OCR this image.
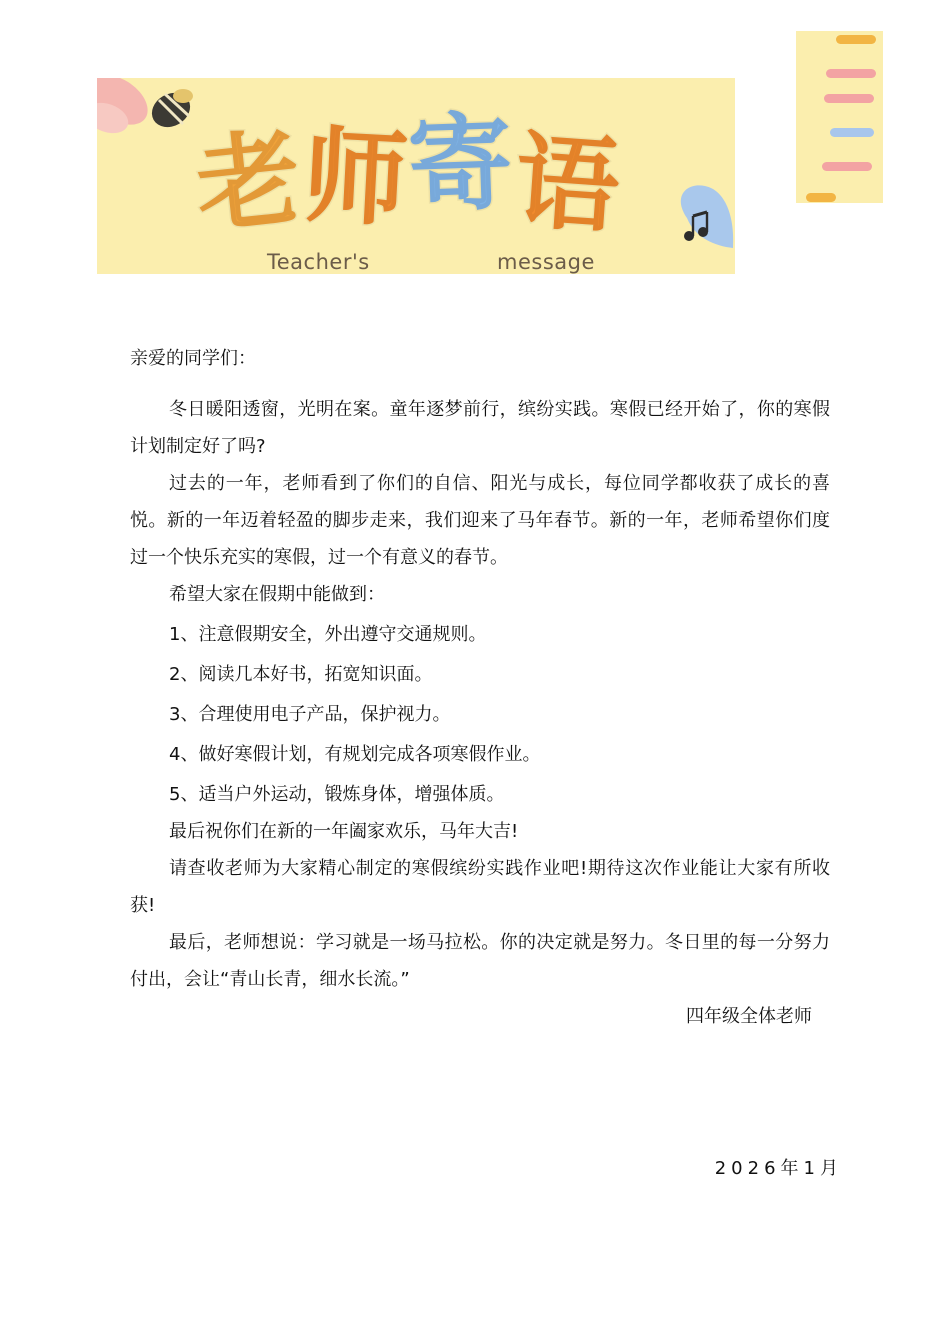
老
师
寄
语
Teacher's	message

亲爱的同学们：

冬日暖阳透窗，光明在案。童年逐梦前行，缤纷实践。寒假已经开始了，你的寒假计划制定好了吗?

过去的一年，老师看到了你们的自信、阳光与成长，每位同学都收获了成长的喜悦。新的一年迈着轻盈的脚步走来，我们迎来了马年春节。新的一年，老师希望你们度过一个快乐充实的寒假，过一个有意义的春节。

希望大家在假期中能做到：

1、注意假期安全，外出遵守交通规则。

2、阅读几本好书，拓宽知识面。

3、合理使用电子产品，保护视力。

4、做好寒假计划，有规划完成各项寒假作业。

5、适当户外运动，锻炼身体，增强体质。

最后祝你们在新的一年阖家欢乐，马年大吉!

请查收老师为大家精心制定的寒假缤纷实践作业吧!期待这次作业能让大家有所收获!

最后，老师想说：学习就是一场马拉松。你的决定就是努力。冬日里的每一分努力付出，会让“青山长青，细水长流。”

四年级全体老师

2026年1月
